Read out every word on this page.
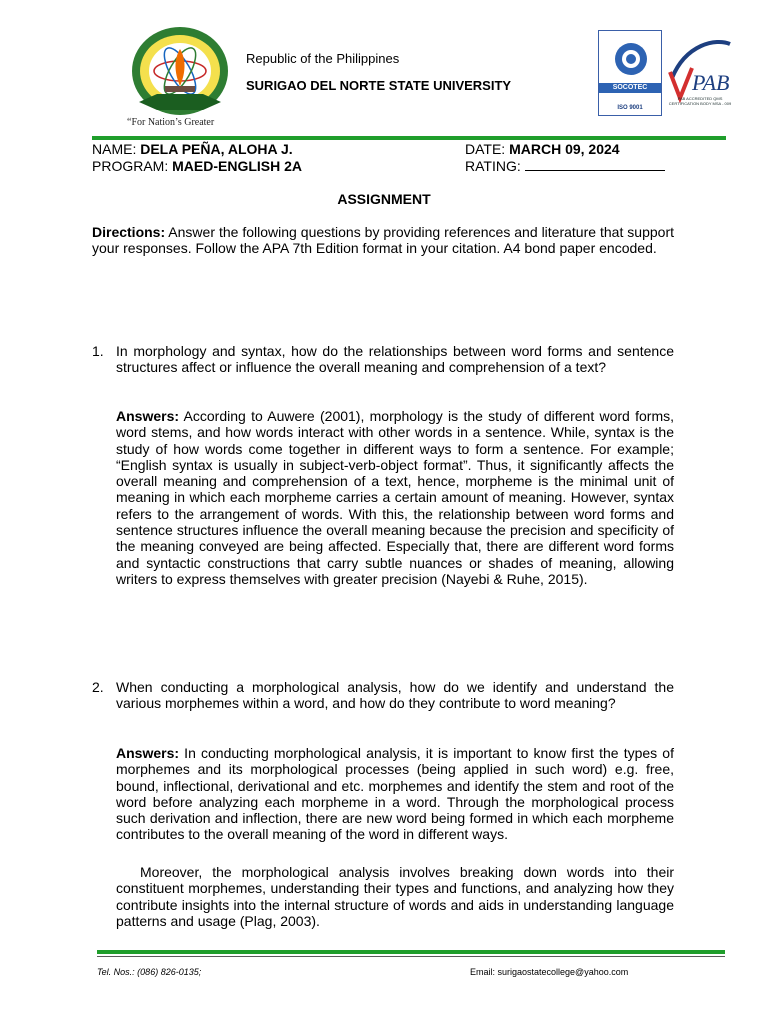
“For Nation’s Greater
Republic of the Philippines
SURIGAO DEL NORTE STATE UNIVERSITY	SOCOTEC
ISO 9001
PAB
PAB ACCREDITED QMS CERTIFICATION BODY MSA - 009
NAME: DELA PEÑA, ALOHA J.
PROGRAM: MAED-ENGLISH 2A
DATE: MARCH 09, 2024
RATING:
ASSIGNMENT

Directions: Answer the following questions by providing references and literature that support your responses. Follow the APA 7th Edition format in your citation. A4 bond paper encoded.

1. In morphology and syntax, how do the relationships between word forms and sentence structures affect or influence the overall meaning and comprehension of a text?

Answers: According to Auwere (2001), morphology is the study of different word forms, word stems, and how words interact with other words in a sentence. While, syntax is the study of how words come together in different ways to form a sentence. For example; “English syntax is usually in subject-verb-object format”. Thus, it significantly affects the overall meaning and comprehension of a text, hence, morpheme is the minimal unit of meaning in which each morpheme carries a certain amount of meaning. However, syntax refers to the arrangement of words. With this, the relationship between word forms and sentence structures influence the overall meaning because the precision and specificity of the meaning conveyed are being affected. Especially that, there are different word forms and syntactic constructions that carry subtle nuances or shades of meaning, allowing writers to express themselves with greater precision (Nayebi & Ruhe, 2015).

2. When conducting a morphological analysis, how do we identify and understand the various morphemes within a word, and how do they contribute to word meaning?

Answers: In conducting morphological analysis, it is important to know first the types of morphemes and its morphological processes (being applied in such word) e.g. free, bound, inflectional, derivational and etc. morphemes and identify the stem and root of the word before analyzing each morpheme in a word. Through the morphological process such derivation and inflection, there are new word being formed in which each morpheme contributes to the overall meaning of the word in different ways.

Moreover, the morphological analysis involves breaking down words into their constituent morphemes, understanding their types and functions, and analyzing how they contribute insights into the internal structure of words and aids in understanding language patterns and usage (Plag, 2003).

Tel. Nos.: (086) 826-0135;	Email: surigaostatecollege@yahoo.com
